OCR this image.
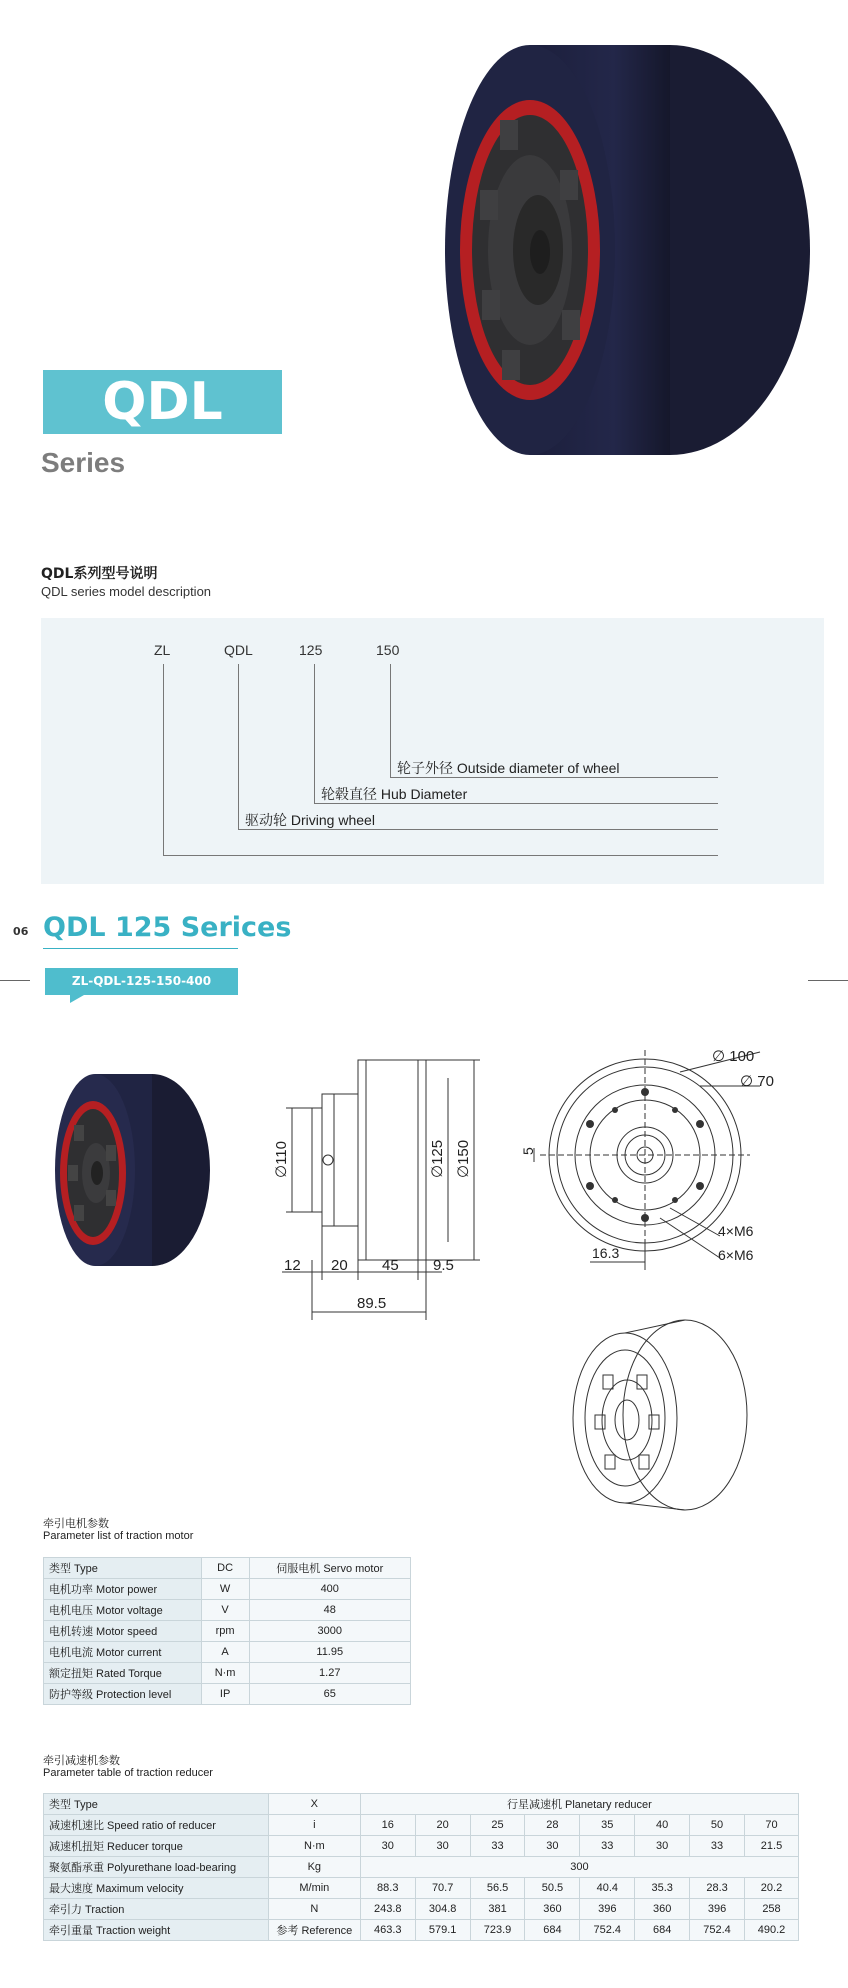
QDL
Series
QDL系列型号说明
QDL series model description
ZL	QDL	125	150
轮子外径 Outside diameter of wheel
轮毂直径 Hub Diameter
驱动轮 Driving wheel
90 QDL 125 Serices
ZL-QDL-125-150-400
∅110	∅125 ∅150
12 20 45 9.5
89.5
∅ 100
∅ 70
5
16.3
4×M6
6×M6
牵引电机参数
Parameter list of traction motor
类型 Type	DC	伺服电机 Servo motor
电机功率 Motor power	W	400
电机电压 Motor voltage	V	48
电机转速 Motor speed	rpm	3000
电机电流 Motor current	A	11.95
额定扭矩 Rated Torque	N·m	1.27
防护等级 Protection level	IP	65
牵引减速机参数
Parameter table of traction reducer
类型 Type	X	行星减速机 Planetary reducer							
减速机速比 Speed ratio of reducer	i	16	20	25	28	35	40	50	70
减速机扭矩 Reducer torque	N·m	30	30	33	30	33	30	33	21.5
聚氨酯承重 Polyurethane load-bearing	Kg	300							
最大速度 Maximum velocity	M/min	88.3	70.7	56.5	50.5	40.4	35.3	28.3	20.2
牵引力 Traction	N	243.8	304.8	381	360	396	360	396	258
牵引重量 Traction weight	参考 Reference	463.3	579.1	723.9	684	752.4	684	752.4	490.2
